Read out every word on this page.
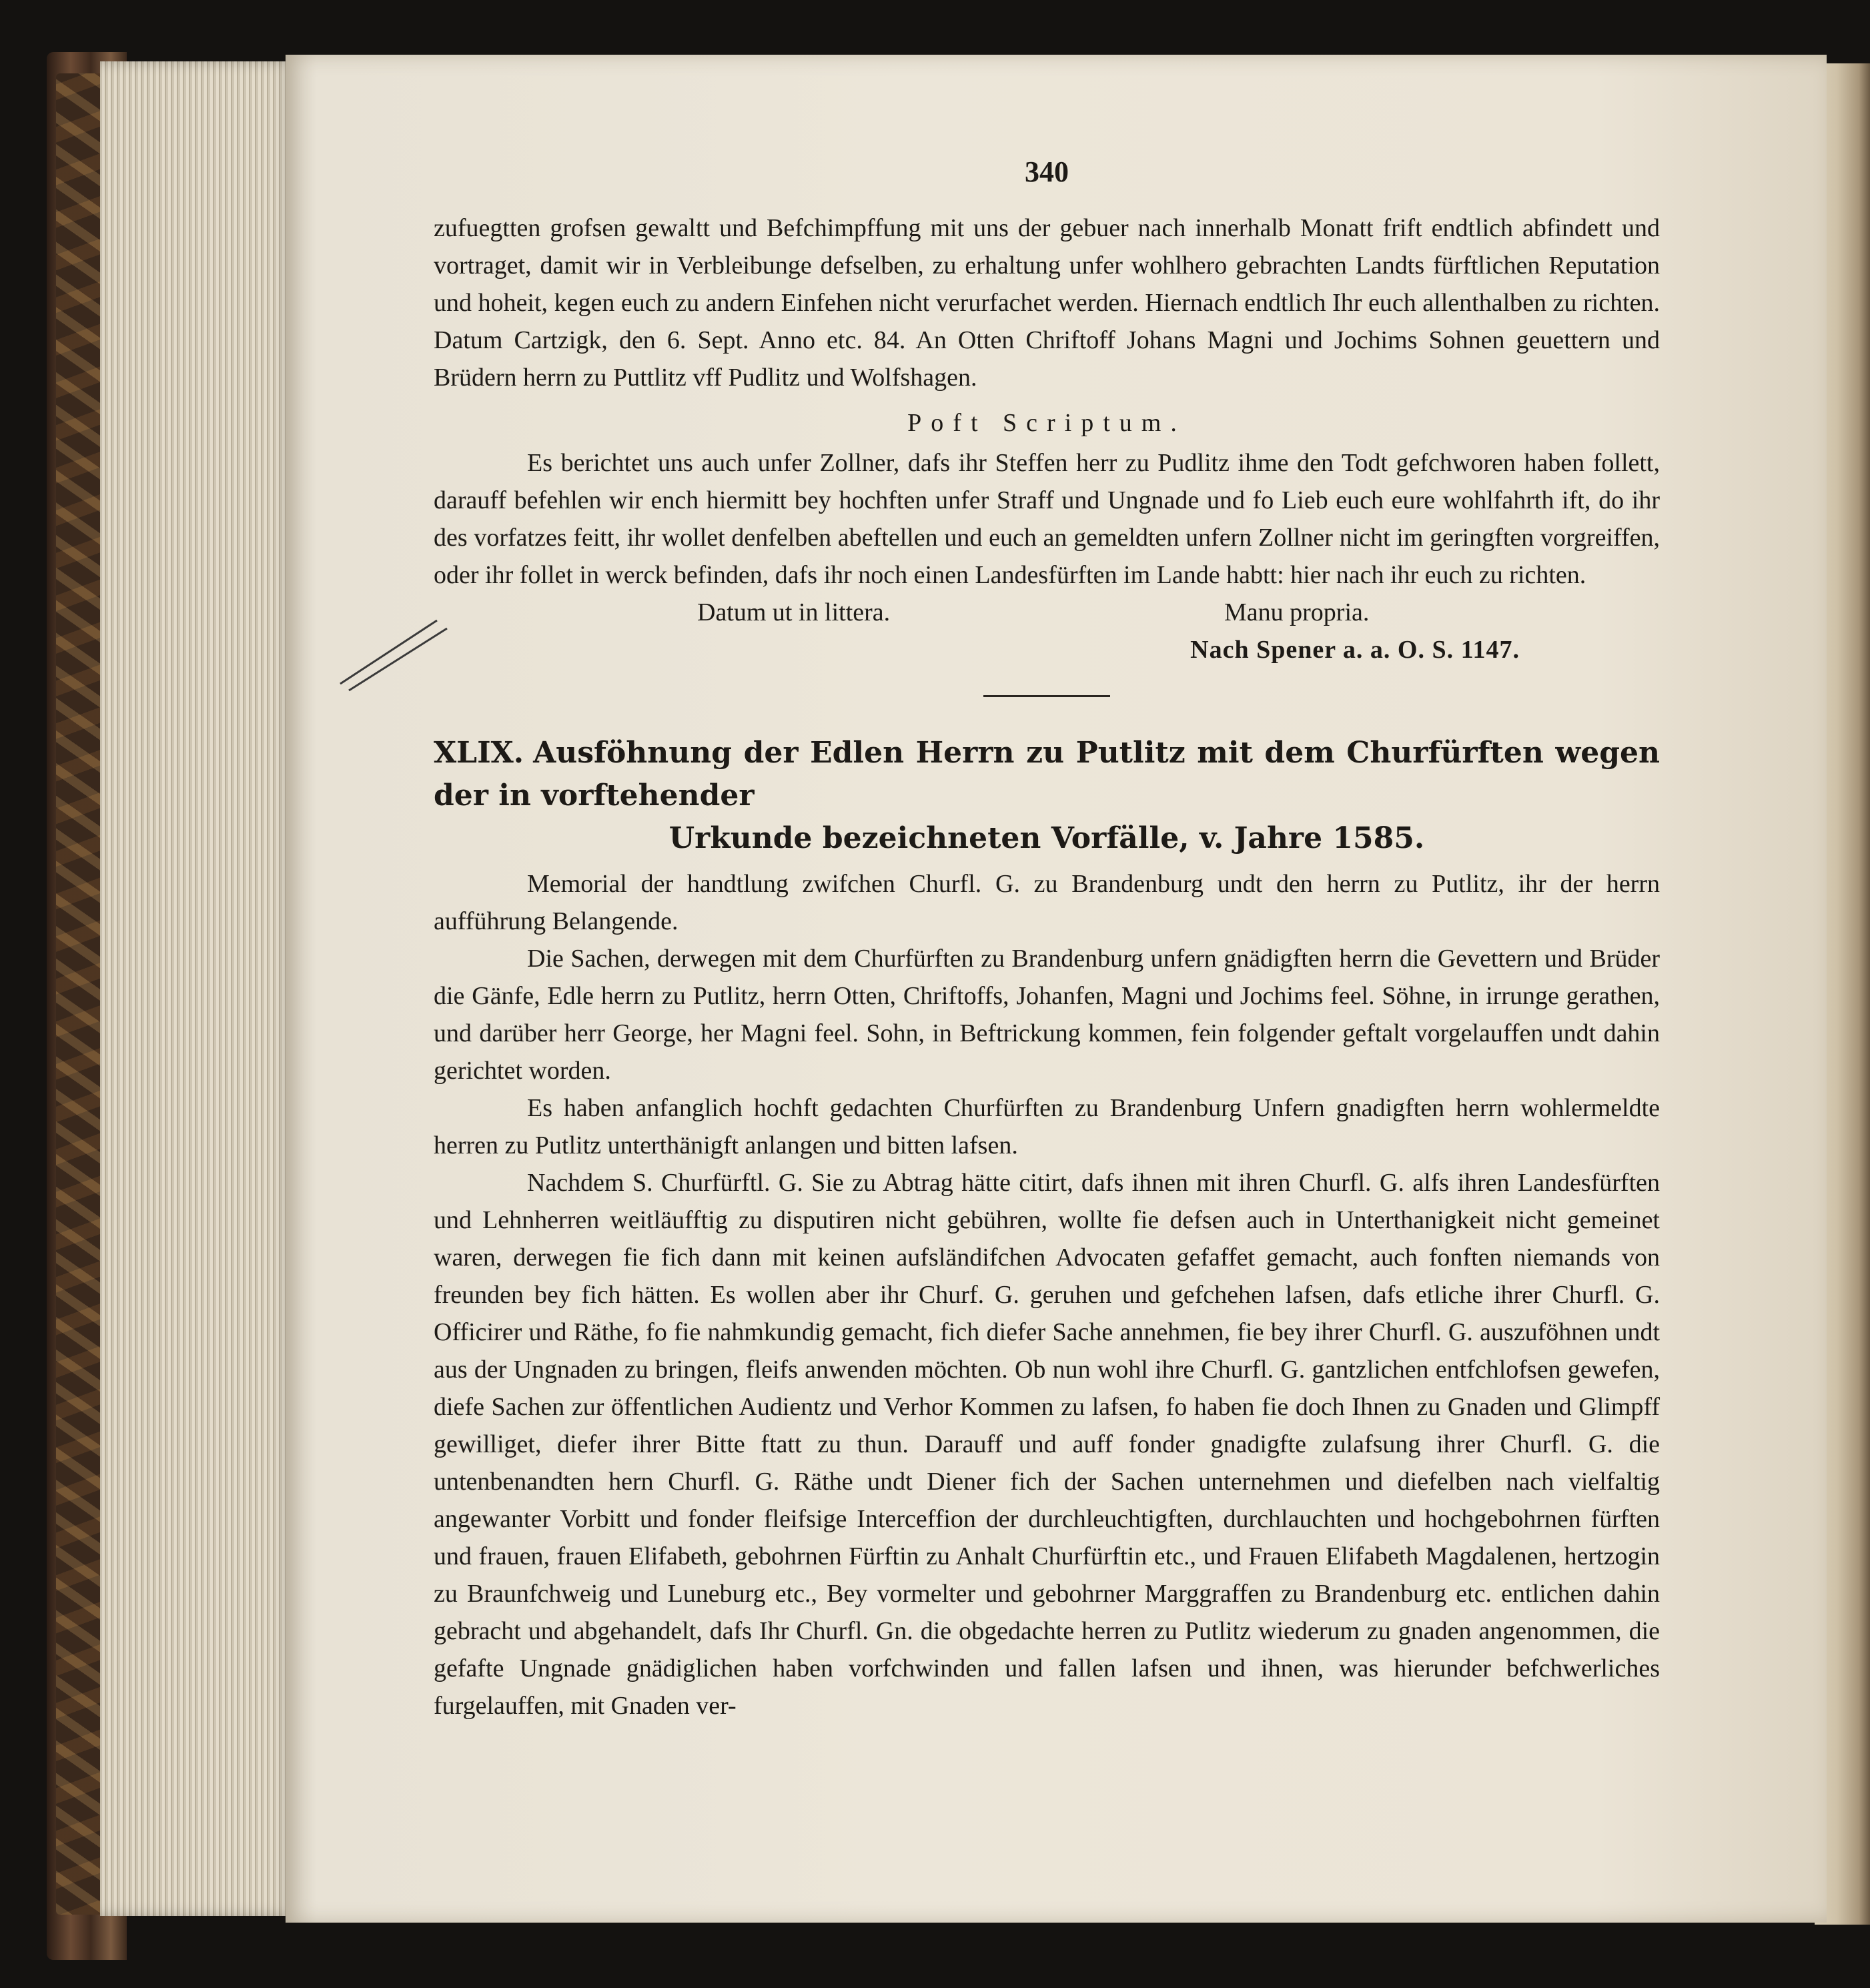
340

zufuegtten grofsen gewaltt und Befchimpffung mit uns der gebuer nach innerhalb Monatt frift endtlich abfindett und vortraget, damit wir in Verbleibunge defselben, zu erhaltung unfer wohlhero gebrachten Landts fürftlichen Reputation und hoheit, kegen euch zu andern Einfehen nicht verurfachet werden. Hiernach endtlich Ihr euch allenthalben zu richten. Datum Cartzigk, den 6. Sept. Anno etc. 84. An Otten Chriftoff Johans Magni und Jochims Sohnen geuettern und Brüdern herrn zu Puttlitz vff Pudlitz und Wolfshagen.

Poft Scriptum.

Es berichtet uns auch unfer Zollner, dafs ihr Steffen herr zu Pudlitz ihme den Todt gefchworen haben follett, darauff befehlen wir ench hiermitt bey hochften unfer Straff und Ungnade und fo Lieb euch eure wohlfahrth ift, do ihr des vorfatzes feitt, ihr wollet denfelben abeftellen und euch an gemeldten unfern Zollner nicht im geringften vorgreiffen, oder ihr follet in werck befinden, dafs ihr noch einen Landesfürften im Lande habtt: hier nach ihr euch zu richten.

Datum ut in littera.	Manu propria.
Nach Spener a. a. O. S. 1147.
XLIX. Ausföhnung der Edlen Herrn zu Putlitz mit dem Churfürften wegen der in vorftehender
Urkunde bezeichneten Vorfälle, v. Jahre 1585.

Memorial der handtlung zwifchen Churfl. G. zu Brandenburg undt den herrn zu Putlitz, ihr der herrn aufführung Belangende.

Die Sachen, derwegen mit dem Churfürften zu Brandenburg unfern gnädigften herrn die Gevettern und Brüder die Gänfe, Edle herrn zu Putlitz, herrn Otten, Chriftoffs, Johanfen, Magni und Jochims feel. Söhne, in irrunge gerathen, und darüber herr George, her Magni feel. Sohn, in Beftrickung kommen, fein folgender geftalt vorgelauffen undt dahin gerichtet worden.

Es haben anfanglich hochft gedachten Churfürften zu Brandenburg Unfern gnadigften herrn wohlermeldte herren zu Putlitz unterthänigft anlangen und bitten lafsen.

Nachdem S. Churfürftl. G. Sie zu Abtrag hätte citirt, dafs ihnen mit ihren Churfl. G. alfs ihren Landesfürften und Lehnherren weitläufftig zu disputiren nicht gebühren, wollte fie defsen auch in Unterthanigkeit nicht gemeinet waren, derwegen fie fich dann mit keinen aufsländifchen Advocaten gefaffet gemacht, auch fonften niemands von freunden bey fich hätten. Es wollen aber ihr Churf. G. geruhen und gefchehen lafsen, dafs etliche ihrer Churfl. G. Officirer und Räthe, fo fie nahmkundig gemacht, fich diefer Sache annehmen, fie bey ihrer Churfl. G. auszuföhnen undt aus der Ungnaden zu bringen, fleifs anwenden möchten. Ob nun wohl ihre Churfl. G. gantzlichen entfchlofsen gewefen, diefe Sachen zur öffentlichen Audientz und Verhor Kommen zu lafsen, fo haben fie doch Ihnen zu Gnaden und Glimpff gewilliget, diefer ihrer Bitte ftatt zu thun. Darauff und auff fonder gnadigfte zulafsung ihrer Churfl. G. die untenbenandten hern Churfl. G. Räthe undt Diener fich der Sachen unternehmen und diefelben nach vielfaltig angewanter Vorbitt und fonder fleifsige Interceffion der durchleuchtigften, durchlauchten und hochgebohrnen fürften und frauen, frauen Elifabeth, gebohrnen Fürftin zu Anhalt Churfürftin etc., und Frauen Elifabeth Magdalenen, hertzogin zu Braunfchweig und Luneburg etc., Bey vormelter und gebohrner Marggraffen zu Brandenburg etc. entlichen dahin gebracht und abgehandelt, dafs Ihr Churfl. Gn. die obgedachte herren zu Putlitz wiederum zu gnaden angenommen, die gefafte Ungnade gnädiglichen haben vorfchwinden und fallen lafsen und ihnen, was hierunder befchwerliches furgelauffen, mit Gnaden ver-
